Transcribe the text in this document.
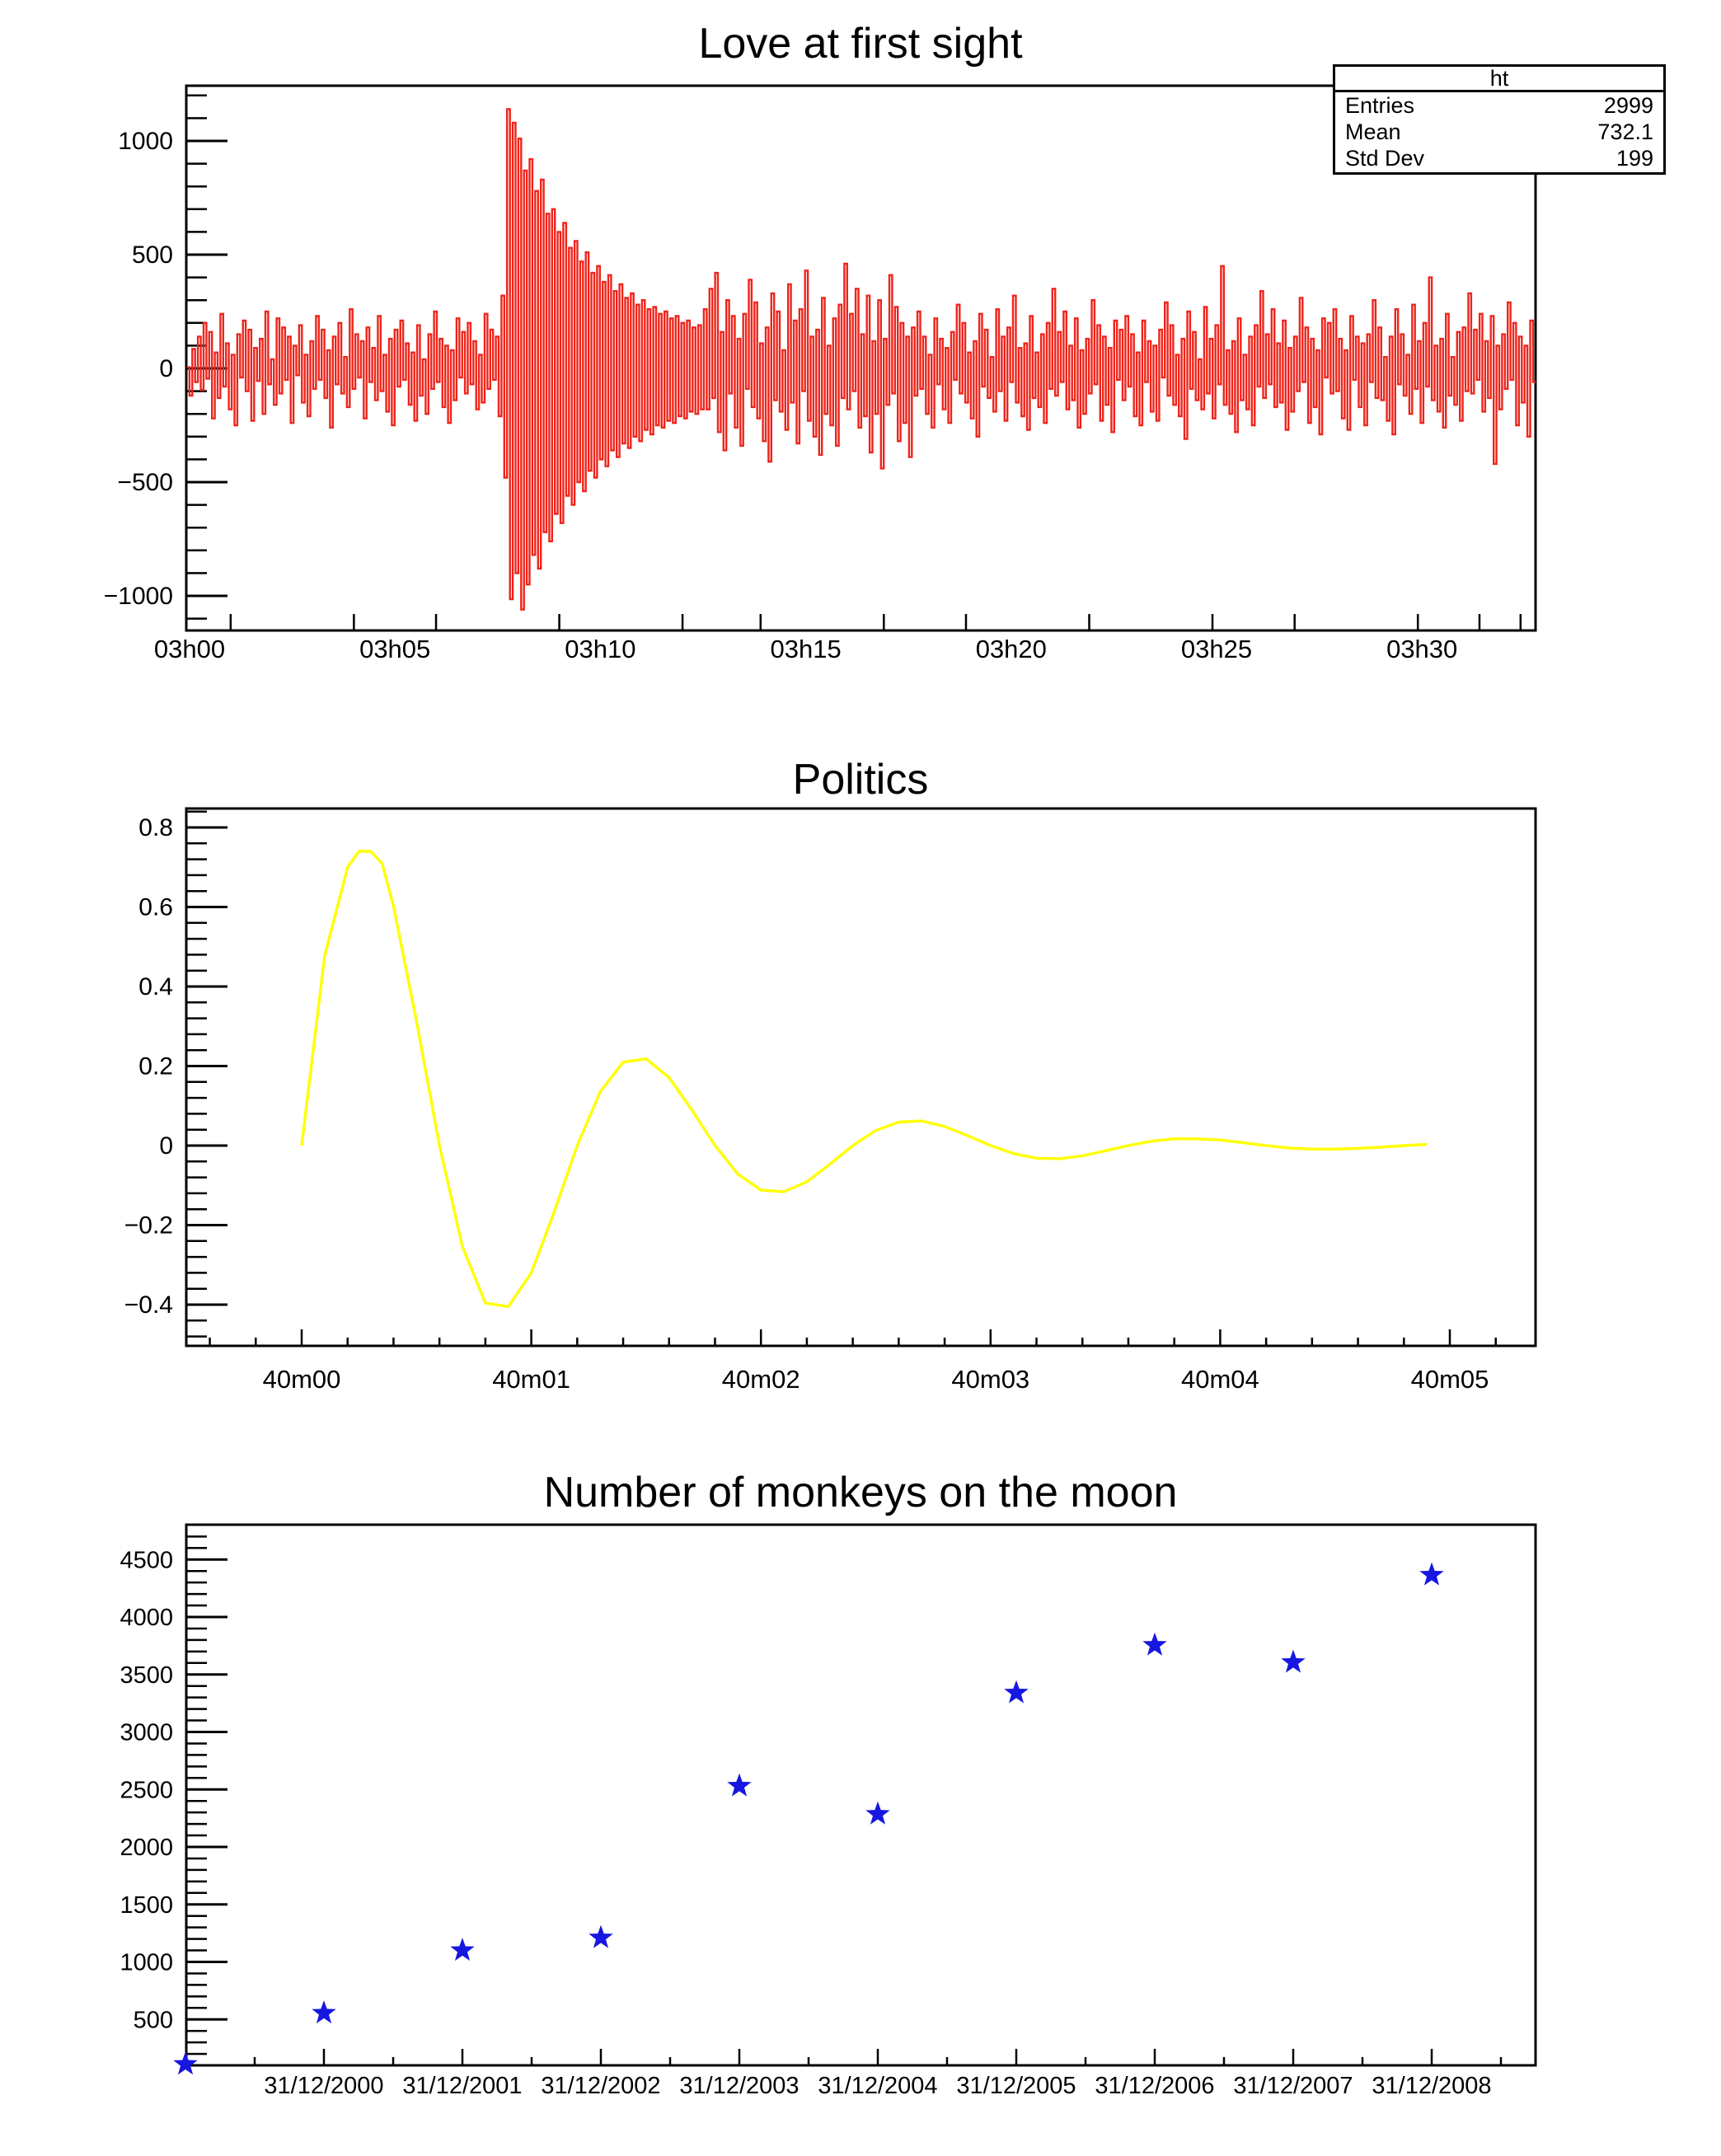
1000
500
0
−500
−1000
03h00	03h05	03h10	03h15	03h20	03h25	03h30
0.8
0.6
0.4
0.2
0
−0.2
−0.4
40m00	40m01	40m02	40m03	40m04	40m05
4500
4000
3500
3000
2500
2000
1500
1000
500
31/12/2000 31/12/2001 31/12/2002 31/12/2003 31/12/2004 31/12/2005 31/12/2006 31/12/2007 31/12/2008
Love at first sight
Politics
Number of monkeys on the moon
ht
Entries	2999
Mean	732.1
Std Dev	199
